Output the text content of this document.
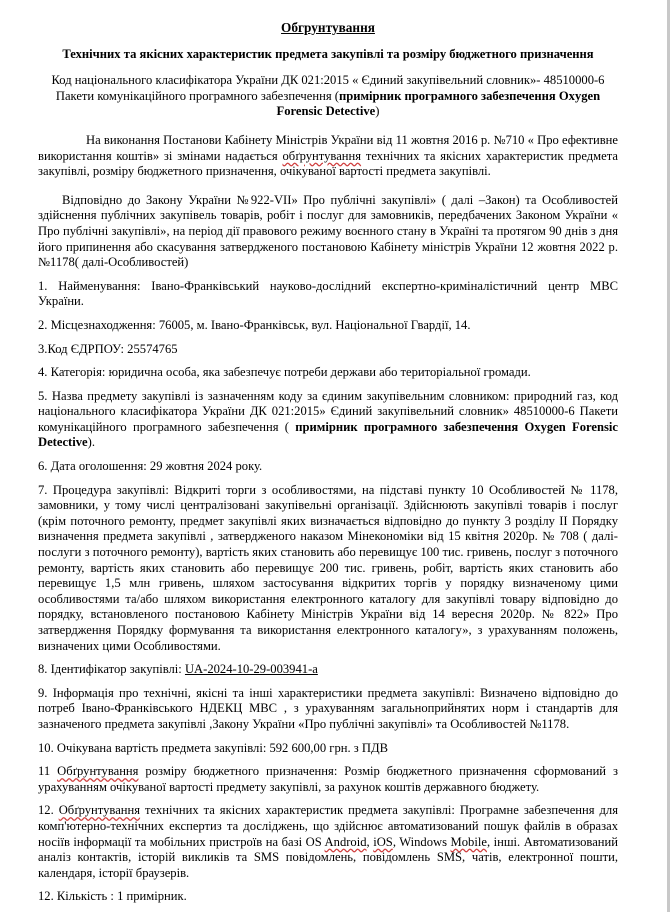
Обгрунтування
Технічних та якісних характеристик предмета закупівлі та розміру бюджетного призначення
Код національного класифікатора України ДК 021:2015 « Єдиний закупівельний словник»- 48510000-6
Пакети комунікаційного програмного забезпечення (примірник програмного забезпечення Oxygen Forensic Detective)

На виконання Постанови Кабінету Міністрів України від 11 жовтня 2016 р. №710 « Про ефективне використання коштів» зі змінами надається обґрунтування технічних та якісних характеристик предмета закупівлі, розміру бюджетного призначення, очікуваної вартості предмета закупівлі.

Відповідно до Закону України №922-VII» Про публічні закупівлі» ( далі –Закон) та Особливостей здійснення публічних закупівель товарів, робіт і послуг для замовників, передбачених Законом України « Про публічні закупівлі», на період дії правового режиму воєнного стану в Україні та протягом 90 днів з дня його припинення або скасування затвердженого постановою Кабінету міністрів України 12 жовтня 2022 р. №1178( далі-Особливостей)

1. Найменування: Івано-Франківський науково-дослідний експертно-криміналістичний центр МВС України.

2. Місцезнаходження: 76005, м. Івано-Франківськ, вул. Національної Гвардії, 14.

3.Код ЄДРПОУ: 25574765

4. Категорія: юридична особа, яка забезпечує потреби держави або територіальної громади.

5. Назва предмету закупівлі із зазначенням коду за єдиним закупівельним словником: природний газ, код національного класифікатора України ДК 021:2015» Єдиний закупівельний словник» 48510000-6 Пакети комунікаційного програмного забезпечення ( примірник програмного забезпечення Oxygen Forensic Detective).

6. Дата оголошення: 29 жовтня 2024 року.

7. Процедура закупівлі: Відкриті торги з особливостями, на підставі пункту 10 Особливостей № 1178, замовники, у тому числі централізовані закупівельні організації. Здійснюють закупівлі товарів і послуг (крім поточного ремонту, предмет закупівлі яких визначається відповідно до пункту 3 розділу ІІ Порядку визначення предмета закупівлі , затвердженого наказом Мінекономіки від 15 квітня 2020р. № 708 ( далі-послуги з поточного ремонту), вартість яких становить або перевищує 100 тис. гривень, послуг з поточного ремонту, вартість яких становить або перевищує 200 тис. гривень, робіт, вартість яких становить або перевищує 1,5 млн гривень, шляхом застосування відкритих торгів у порядку визначеному цими особливостями та/або шляхом використання електронного каталогу для закупівлі товару відповідно до порядку, встановленого постановою Кабінету Міністрів України від 14 вересня 2020р. № 822» Про затвердження Порядку формування та використання електронного каталогу», з урахуванням положень, визначених цими Особливостями.

8. Ідентифікатор закупівлі: UA-2024-10-29-003941-a

9. Інформація про технічні, якісні та інші характеристики предмета закупівлі: Визначено відповідно до потреб Івано-Франківського НДЕКЦ МВС , з урахуванням загальноприйнятих норм і стандартів для зазначеного предмета закупівлі ,Закону України «Про публічні закупівлі» та Особливостей №1178.

10. Очікувана вартість предмета закупівлі: 592 600,00 грн. з ПДВ

11 Обґрунтування розміру бюджетного призначення: Розмір бюджетного призначення сформований з урахуванням очікуваної вартості предмету закупівлі, за рахунок коштів державного бюджету.

12. Обґрунтування технічних та якісних характеристик предмета закупівлі: Програмне забезпечення для комп'ютерно-технічних експертиз та досліджень, що здійснює автоматизований пошук файлів в образах носіїв інформації та мобільних пристроїв на базі OS Android, iOS, Windows Mobile, інші. Автоматизований аналіз контактів, історій викликів та SMS повідомлень, повідомлень SMS, чатів, електронної пошти, календаря, історії браузерів.

12. Кількість : 1 примірник.
